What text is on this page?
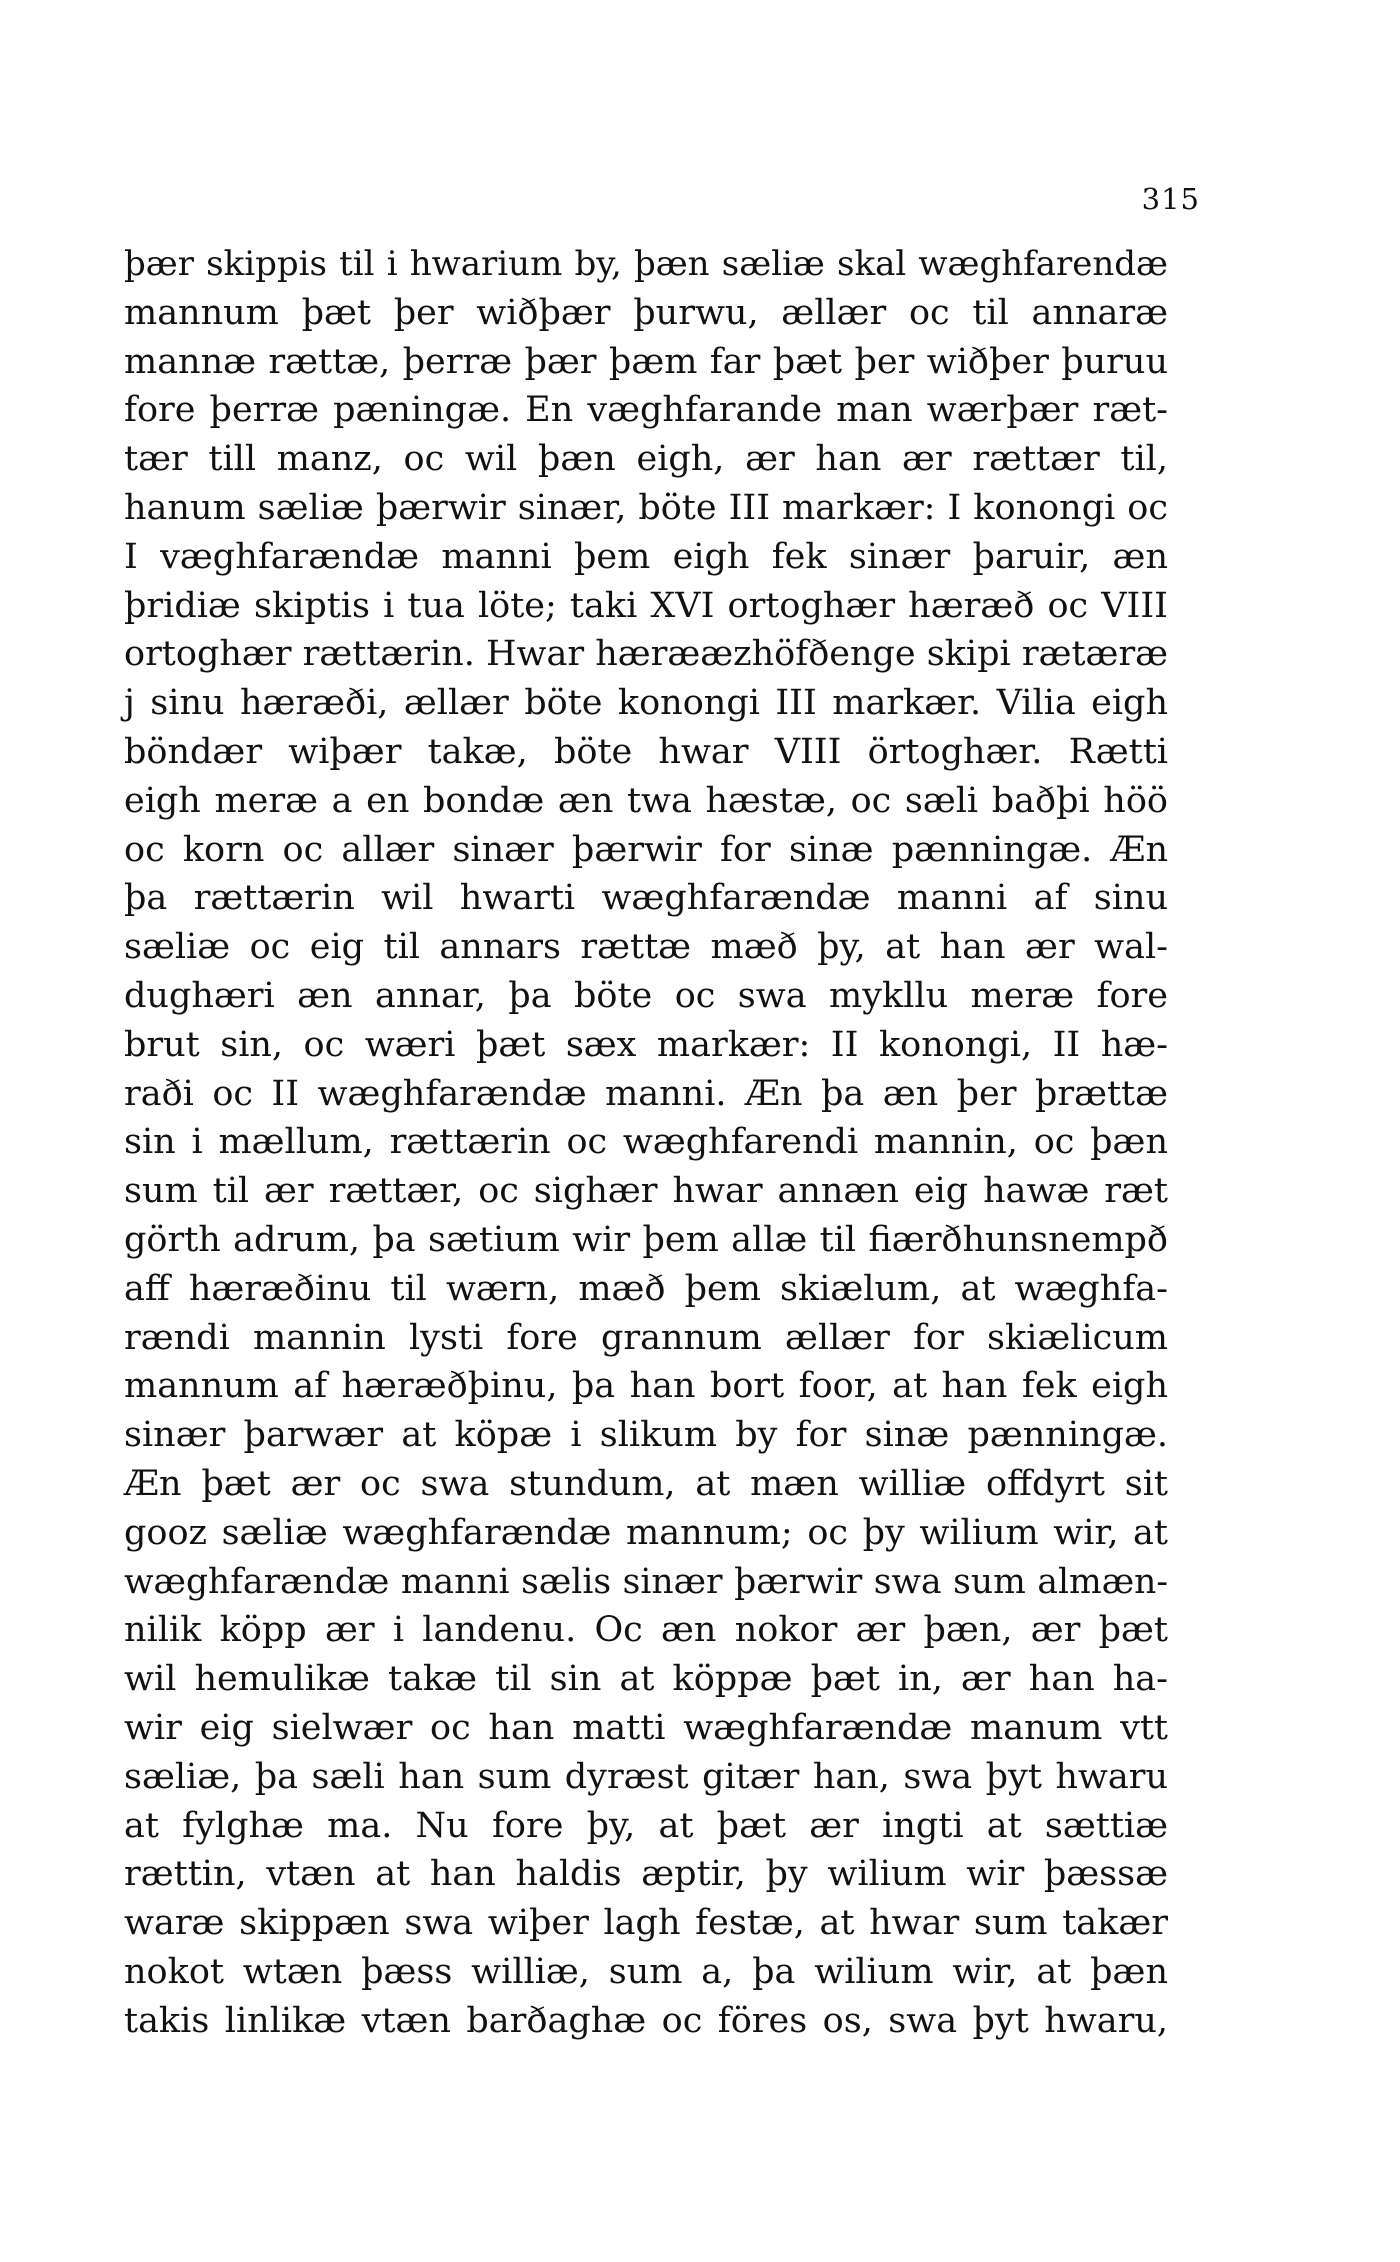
315
þær skippis til i hwarium by, þæn sæliæ skal wæghfarendæ
mannum þæt þer wiðþær þurwu, ællær oc til annaræ
mannæ rættæ, þerræ þær þæm far þæt þer wiðþer þuruu
fore þerræ pæningæ. En væghfarande man wærþær ræt-
tær till manz, oc wil þæn eigh, ær han ær rættær til,
hanum sæliæ þærwir sinær, böte III markær: I konongi oc
I væghfarændæ manni þem eigh fek sinær þaruir, æn
þridiæ skiptis i tua löte; taki XVI ortoghær hæræð oc VIII
ortoghær rættærin. Hwar hærææzhöfðenge skipi rætæræ
j sinu hæræði, ællær böte konongi III markær. Vilia eigh
böndær wiþær takæ, böte hwar VIII örtoghær. Rætti
eigh meræ a en bondæ æn twa hæstæ, oc sæli baðþi höö
oc korn oc allær sinær þærwir for sinæ pænningæ. Æn
þa rættærin wil hwarti wæghfarændæ manni af sinu
sæliæ oc eig til annars rættæ mæð þy, at han ær wal-
dughæri æn annar, þa böte oc swa mykllu meræ fore
brut sin, oc wæri þæt sæx markær: II konongi, II hæ-
raði oc II wæghfarændæ manni. Æn þa æn þer þrættæ
sin i mællum, rættærin oc wæghfarendi mannin, oc þæn
sum til ær rættær, oc sighær hwar annæn eig hawæ ræt
görth adrum, þa sætium wir þem allæ til fiærðhunsnempð
aff hæræðinu til wærn, mæð þem skiælum, at wæghfa-
rændi mannin lysti fore grannum ællær for skiælicum
mannum af hæræðþinu, þa han bort foor, at han fek eigh
sinær þarwær at köpæ i slikum by for sinæ pænningæ.
Æn þæt ær oc swa stundum, at mæn williæ offdyrt sit
gooz sæliæ wæghfarændæ mannum; oc þy wilium wir, at
wæghfarændæ manni sælis sinær þærwir swa sum almæn-
nilik köpp ær i landenu. Oc æn nokor ær þæn, ær þæt
wil hemulikæ takæ til sin at köppæ þæt in, ær han ha-
wir eig sielwær oc han matti wæghfarændæ manum vtt
sæliæ, þa sæli han sum dyræst gitær han, swa þyt hwaru
at fylghæ ma. Nu fore þy, at þæt ær ingti at sættiæ
rættin, vtæn at han haldis æptir, þy wilium wir þæssæ
waræ skippæn swa wiþer lagh festæ, at hwar sum takær
nokot wtæn þæss williæ, sum a, þa wilium wir, at þæn
takis linlikæ vtæn barðaghæ oc föres os, swa þyt hwaru,
